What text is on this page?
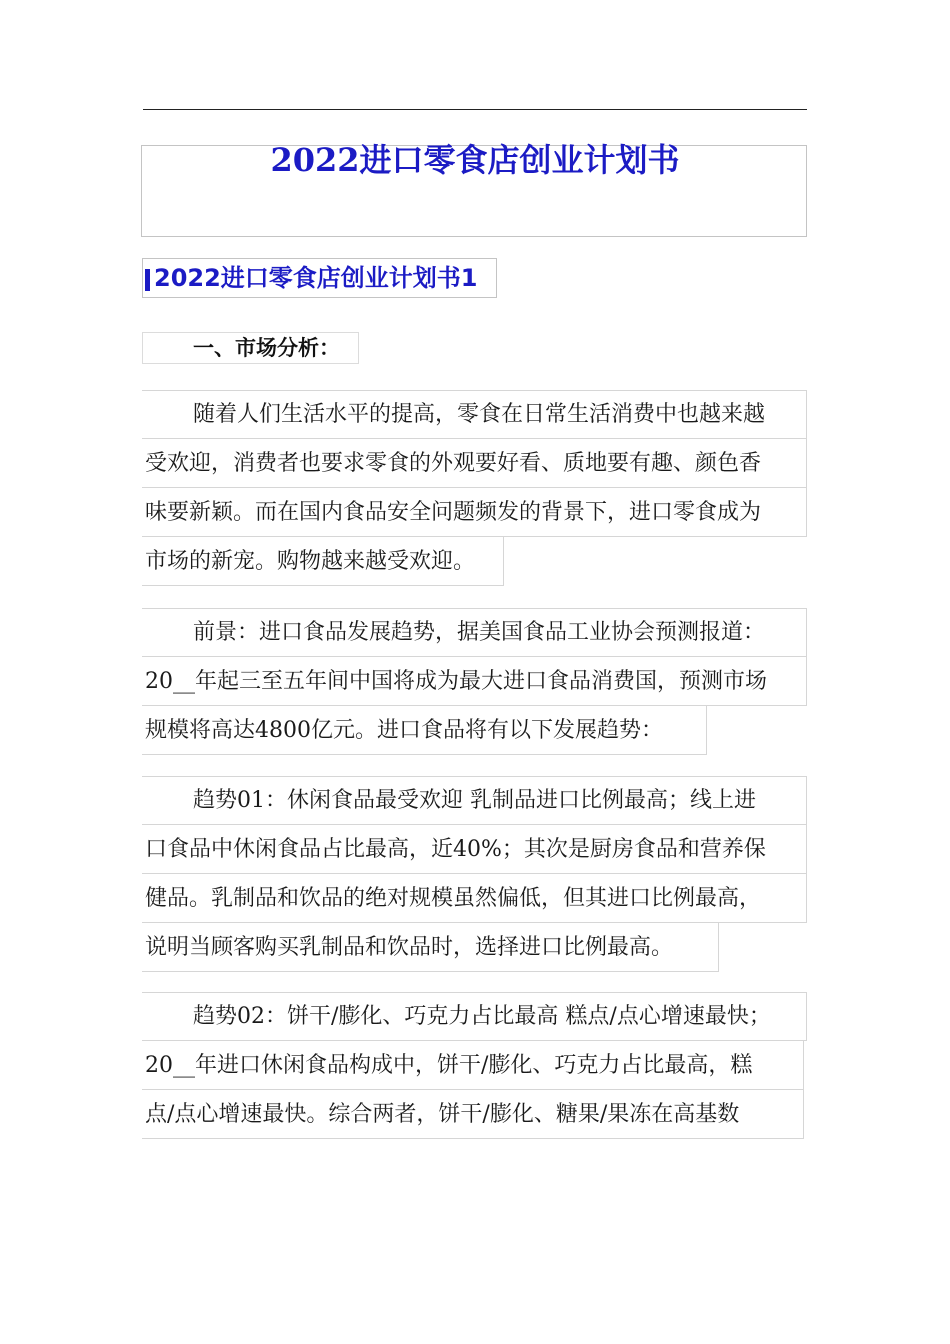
2022进口零食店创业计划书
2022进口零食店创业计划书1
一、市场分析：
随着人们生活水平的提高，零食在日常生活消费中也越来越
受欢迎，消费者也要求零食的外观要好看、质地要有趣、颜色香
味要新颖。而在国内食品安全问题频发的背景下，进口零食成为
市场的新宠。购物越来越受欢迎。
前景：进口食品发展趋势，据美国食品工业协会预测报道：
20__年起三至五年间中国将成为最大进口食品消费国，预测市场
规模将高达4800亿元。进口食品将有以下发展趋势：
趋势01：休闲食品最受欢迎 乳制品进口比例最高；线上进
口食品中休闲食品占比最高，近40%；其次是厨房食品和营养保
健品。乳制品和饮品的绝对规模虽然偏低，但其进口比例最高，
说明当顾客购买乳制品和饮品时，选择进口比例最高。
趋势02：饼干/膨化、巧克力占比最高 糕点/点心增速最快；
20__年进口休闲食品构成中，饼干/膨化、巧克力占比最高，糕
点/点心增速最快。综合两者，饼干/膨化、糖果/果冻在高基数
